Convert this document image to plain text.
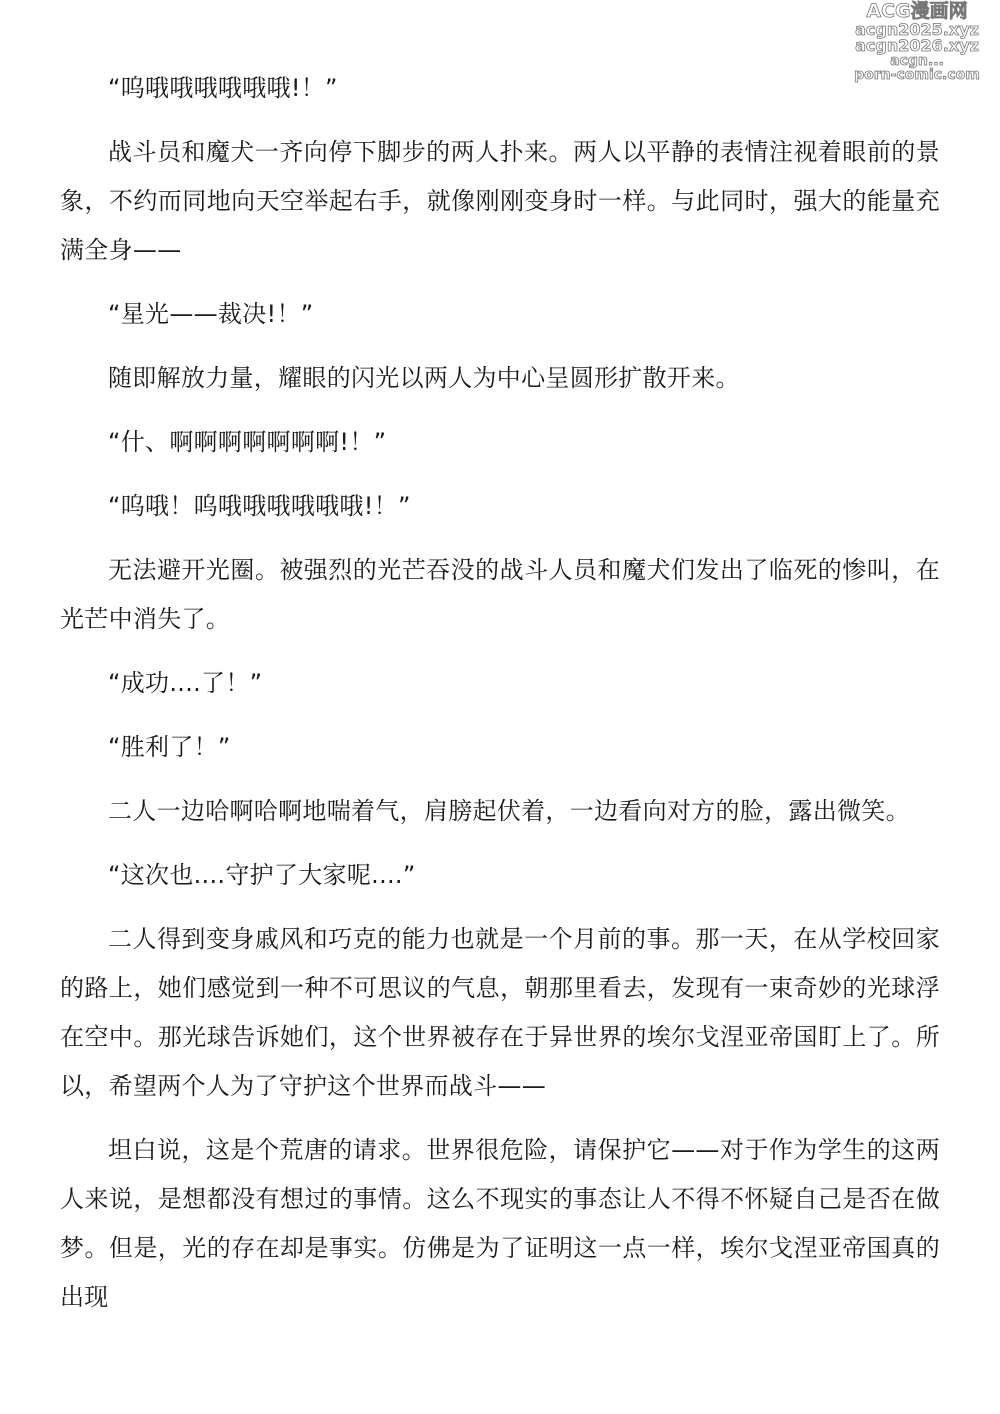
ACG漫画网
acgn2025.xyz
acgn2026.xyz
acgn...
porn-comic.com

“呜哦哦哦哦哦哦!！”

战斗员和魔犬一齐向停下脚步的两人扑来。两人以平静的表情注视着眼前的景象，不约而同地向天空举起右手，就像刚刚变身时一样。与此同时，强大的能量充满全身——

“星光——裁决!！”

随即解放力量，耀眼的闪光以两人为中心呈圆形扩散开来。

“什、啊啊啊啊啊啊啊!！”

“呜哦！呜哦哦哦哦哦哦!！”

无法避开光圈。被强烈的光芒吞没的战斗人员和魔犬们发出了临死的惨叫，在光芒中消失了。

“成功....了！”

“胜利了！”

二人一边哈啊哈啊地喘着气，肩膀起伏着，一边看向对方的脸，露出微笑。

“这次也....守护了大家呢....”

二人得到变身戚风和巧克的能力也就是一个月前的事。那一天，在从学校回家的路上，她们感觉到一种不可思议的气息，朝那里看去，发现有一束奇妙的光球浮在空中。那光球告诉她们，这个世界被存在于异世界的埃尔戈涅亚帝国盯上了。所以，希望两个人为了守护这个世界而战斗——

坦白说，这是个荒唐的请求。世界很危险，请保护它——对于作为学生的这两人来说，是想都没有想过的事情。这么不现实的事态让人不得不怀疑自己是否在做梦。但是，光的存在却是事实。仿佛是为了证明这一点一样，埃尔戈涅亚帝国真的出现
